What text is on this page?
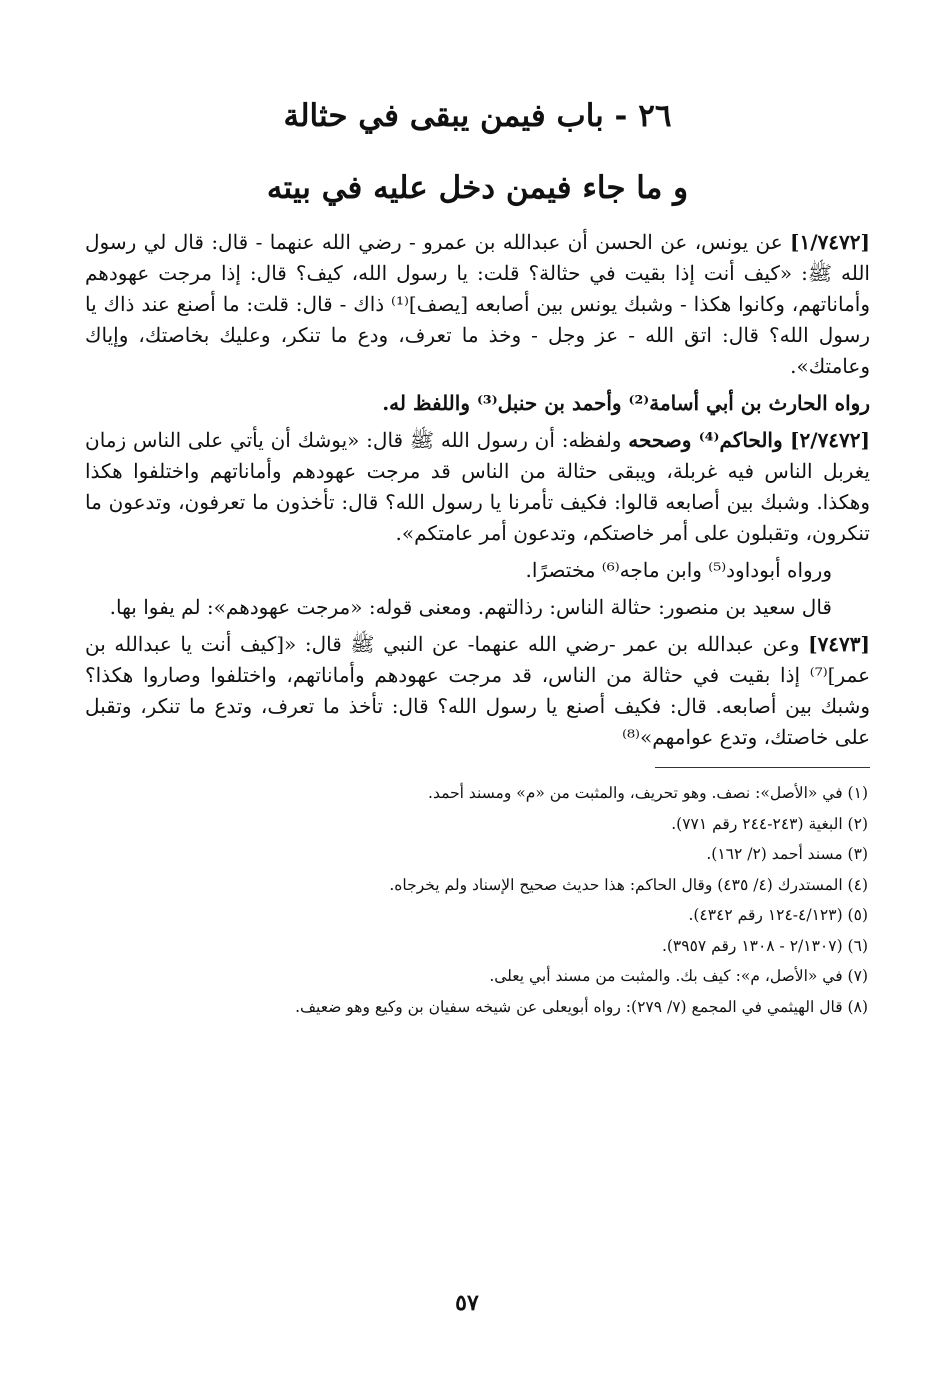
٢٦ - باب فيمن يبقى في حثالة
و ما جاء فيمن دخل عليه في بيته

[١/٧٤٧٢] عن يونس، عن الحسن أن عبدالله بن عمرو - رضي الله عنهما - قال: قال لي رسول الله ﷺ: «كيف أنت إذا بقيت في حثالة؟ قلت: يا رسول الله، كيف؟ قال: إذا مرجت عهودهم وأماناتهم، وكانوا هكذا - وشبك يونس بين أصابعه [يصف]⁽¹⁾ ذاك - قال: قلت: ما أصنع عند ذاك يا رسول الله؟ قال: اتق الله - عز وجل - وخذ ما تعرف، ودع ما تنكر، وعليك بخاصتك، وإياك وعامتك».

رواه الحارث بن أبي أسامة⁽²⁾ وأحمد بن حنبل⁽³⁾ واللفظ له.

[٢/٧٤٧٢] والحاكم⁽⁴⁾ وصححه ولفظه: أن رسول الله ﷺ قال: «يوشك أن يأتي على الناس زمان يغربل الناس فيه غربلة، ويبقى حثالة من الناس قد مرجت عهودهم وأماناتهم واختلفوا هكذا وهكذا. وشبك بين أصابعه قالوا: فكيف تأمرنا يا رسول الله؟ قال: تأخذون ما تعرفون، وتدعون ما تنكرون، وتقبلون على أمر خاصتكم، وتدعون أمر عامتكم».

ورواه أبوداود⁽⁵⁾ وابن ماجه⁽⁶⁾ مختصرًا.

قال سعيد بن منصور: حثالة الناس: رذالتهم. ومعنى قوله: «مرجت عهودهم»: لم يفوا بها.

[٧٤٧٣] وعن عبدالله بن عمر -رضي الله عنهما- عن النبي ﷺ قال: «[كيف أنت يا عبدالله بن عمر]⁽⁷⁾ إذا بقيت في حثالة من الناس، قد مرجت عهودهم وأماناتهم، واختلفوا وصاروا هكذا؟ وشبك بين أصابعه. قال: فكيف أصنع يا رسول الله؟ قال: تأخذ ما تعرف، وتدع ما تنكر، وتقبل على خاصتك، وتدع عوامهم»⁽⁸⁾

(١) في «الأصل»: نصف. وهو تحريف، والمثبت من «م» ومسند أحمد.
(٢) البغية (٢٤٣-٢٤٤ رقم ٧٧١).
(٣) مسند أحمد (٢/ ١٦٢).
(٤) المستدرك (٤/ ٤٣٥) وقال الحاكم: هذا حديث صحيح الإسناد ولم يخرجاه.
(٥) (٤/١٢٣-١٢٤ رقم ٤٣٤٢).
(٦) (٢/١٣٠٧ - ١٣٠٨ رقم ٣٩٥٧).
(٧) في «الأصل، م»: كيف بك. والمثبت من مسند أبي يعلى.
(٨) قال الهيثمي في المجمع (٧/ ٢٧٩): رواه أبويعلى عن شيخه سفيان بن وكيع وهو ضعيف.
٥٧
